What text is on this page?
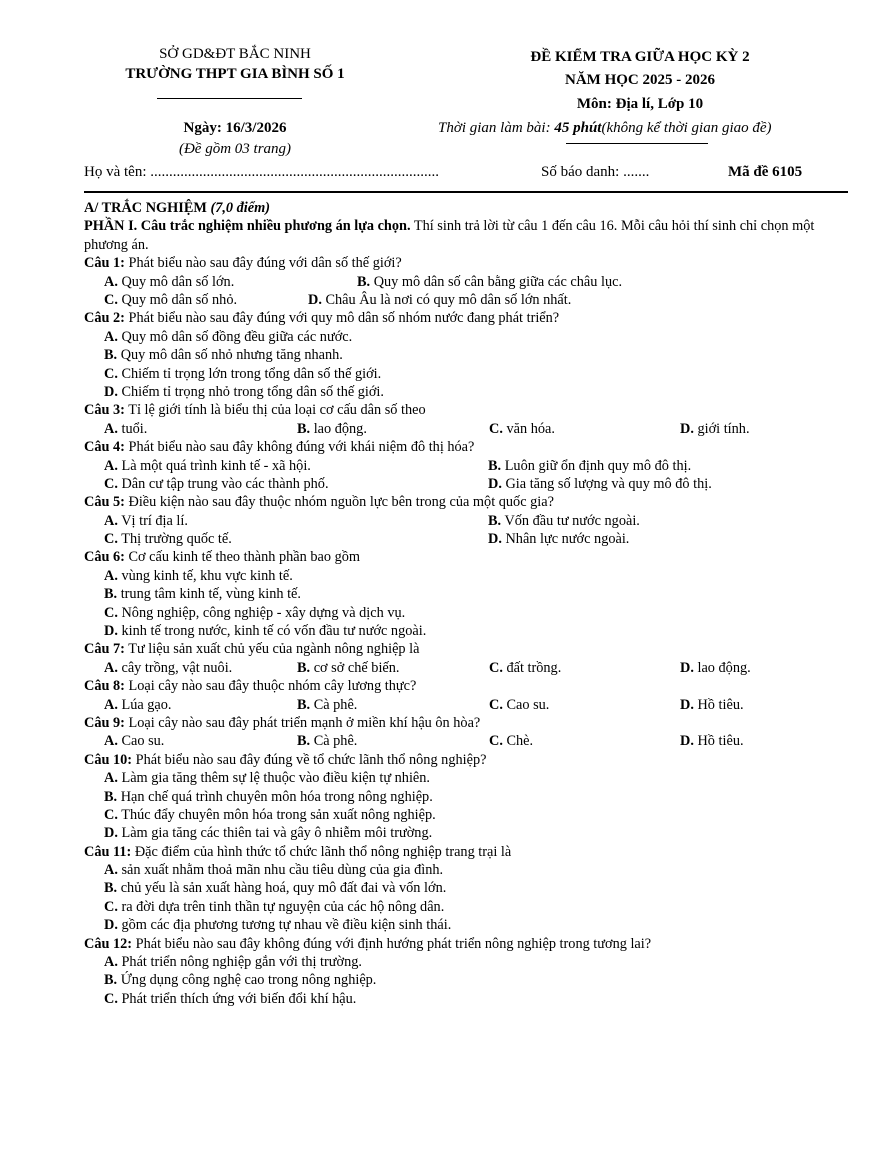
SỞ GD&ĐT BẮC NINH
TRƯỜNG THPT GIA BÌNH SỐ 1
Ngày: 16/3/2026
(Đề gồm 03 trang)
ĐỀ KIỂM TRA GIỮA HỌC KỲ 2
NĂM HỌC 2025 - 2026
Môn: Địa lí, Lớp 10
Thời gian làm bài: 45 phút(không kể thời gian giao đề)
Họ và tên: .............................................................................	Số báo danh: .......	Mã đề 6105
A/ TRẮC NGHIỆM (7,0 điểm)
PHẦN I. Câu trắc nghiệm nhiều phương án lựa chọn. Thí sinh trả lời từ câu 1 đến câu 16. Mỗi câu hỏi thí sinh chỉ chọn một phương án.
Câu 1: Phát biểu nào sau đây đúng với dân số thế giới?
A. Quy mô dân số lớn.	B. Quy mô dân số cân bằng giữa các châu lục.
C. Quy mô dân số nhỏ.	D. Châu Âu là nơi có quy mô dân số lớn nhất.
Câu 2: Phát biểu nào sau đây đúng với quy mô dân số nhóm nước đang phát triển?
A. Quy mô dân số đồng đều giữa các nước.
B. Quy mô dân số nhỏ nhưng tăng nhanh.
C. Chiếm tỉ trọng lớn trong tổng dân số thế giới.
D. Chiếm tỉ trọng nhỏ trong tổng dân số thế giới.
Câu 3: Tỉ lệ giới tính là biểu thị của loại cơ cấu dân số theo
A. tuổi.	B. lao động.	C. văn hóa.	D. giới tính.
Câu 4: Phát biểu nào sau đây không đúng với khái niệm đô thị hóa?
A. Là một quá trình kinh tế - xã hội.	B. Luôn giữ ổn định quy mô đô thị.
C. Dân cư tập trung vào các thành phố.	D. Gia tăng số lượng và quy mô đô thị.
Câu 5: Điều kiện nào sau đây thuộc nhóm nguồn lực bên trong của một quốc gia?
A. Vị trí địa lí.	B. Vốn đầu tư nước ngoài.
C. Thị trường quốc tế.	D. Nhân lực nước ngoài.
Câu 6: Cơ cấu kinh tế theo thành phần bao gồm
A. vùng kinh tế, khu vực kinh tế.
B. trung tâm kinh tế, vùng kinh tế.
C. Nông nghiệp, công nghiệp - xây dựng và dịch vụ.
D. kinh tế trong nước, kinh tế có vốn đầu tư nước ngoài.
Câu 7: Tư liệu sản xuất chủ yếu của ngành nông nghiệp là
A. cây trồng, vật nuôi.	B. cơ sở chế biến.	C. đất trồng.	D. lao động.
Câu 8: Loại cây nào sau đây thuộc nhóm cây lương thực?
A. Lúa gạo.	B. Cà phê.	C. Cao su.	D. Hồ tiêu.
Câu 9: Loại cây nào sau đây phát triển mạnh ở miền khí hậu ôn hòa?
A. Cao su.	B. Cà phê.	C. Chè.	D. Hồ tiêu.
Câu 10: Phát biểu nào sau đây đúng về tổ chức lãnh thổ nông nghiệp?
A. Làm gia tăng thêm sự lệ thuộc vào điều kiện tự nhiên.
B. Hạn chế quá trình chuyên môn hóa trong nông nghiệp.
C. Thúc đẩy chuyên môn hóa trong sản xuất nông nghiệp.
D. Làm gia tăng các thiên tai và gây ô nhiễm môi trường.
Câu 11: Đặc điểm của hình thức tổ chức lãnh thổ nông nghiệp trang trại là
A. sản xuất nhằm thoả mãn nhu cầu tiêu dùng của gia đình.
B. chủ yếu là sản xuất hàng hoá, quy mô đất đai và vốn lớn.
C. ra đời dựa trên tinh thần tự nguyện của các hộ nông dân.
D. gồm các địa phương tương tự nhau về điều kiện sinh thái.
Câu 12: Phát biểu nào sau đây không đúng với định hướng phát triển nông nghiệp trong tương lai?
A. Phát triển nông nghiệp gắn với thị trường.
B. Ứng dụng công nghệ cao trong nông nghiệp.
C. Phát triển thích ứng với biến đổi khí hậu.
